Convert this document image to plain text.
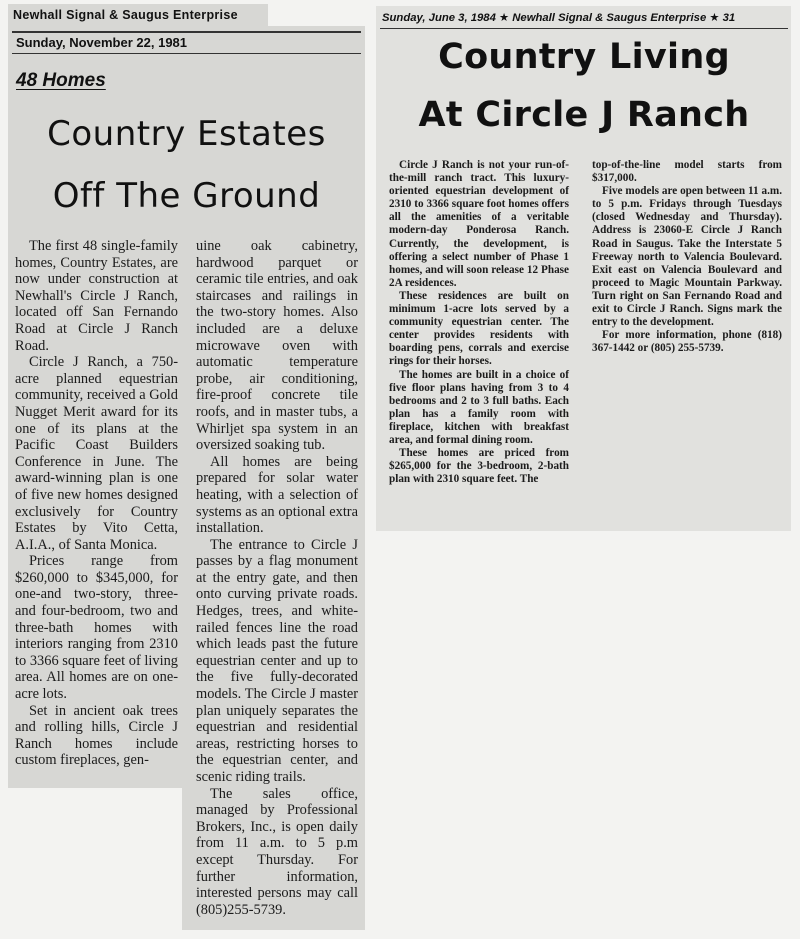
Newhall Signal & Saugus Enterprise
Sunday, November 22, 1981
48 Homes
Country Estates
Off The Ground

The first 48 single-family homes, Country Estates, are now under construction at Newhall's Circle J Ranch, located off San Fernando Road at Circle J Ranch Road.

Circle J Ranch, a 750-acre planned equestrian community, received a Gold Nugget Merit award for its one of its plans at the Pacific Coast Builders Conference in June. The award-winning plan is one of five new homes designed exclusively for Country Estates by Vito Cetta, A.I.A., of Santa Monica.

Prices range from $260,000 to $345,000, for one-and two-story, three- and four-bedroom, two and three-bath homes with interiors ranging from 2310 to 3366 square feet of living area. All homes are on one-acre lots.

Set in ancient oak trees and rolling hills, Circle J Ranch homes include custom fireplaces, gen-

uine oak cabinetry, hardwood parquet or ceramic tile entries, and oak staircases and railings in the two-story homes. Also included are a deluxe microwave oven with automatic temperature probe, air conditioning, fire-proof concrete tile roofs, and in master tubs, a Whirljet spa system in an oversized soaking tub.

All homes are being prepared for solar water heating, with a selection of systems as an optional extra installation.

The entrance to Circle J passes by a flag monument at the entry gate, and then onto curving private roads. Hedges, trees, and white-railed fences line the road which leads past the future equestrian center and up to the five fully-decorated models. The Circle J master plan uniquely separates the equestrian and residential areas, restricting horses to the equestrian center, and scenic riding trails.

The sales office, managed by Professional Brokers, Inc., is open daily from 11 a.m. to 5 p.m except Thursday. For further information, interested persons may call (805)255-5739.

Sunday, June 3, 1984 ★ Newhall Signal & Saugus Enterprise ★ 31
Country Living
At Circle J Ranch

Circle J Ranch is not your run-of-the-mill ranch tract. This luxury-oriented equestrian development of 2310 to 3366 square foot homes offers all the amenities of a veritable modern-day Ponderosa Ranch. Currently, the development, is offering a select number of Phase 1 homes, and will soon release 12 Phase 2A residences.

These residences are built on minimum 1-acre lots served by a community equestrian center. The center provides residents with boarding pens, corrals and exercise rings for their horses.

The homes are built in a choice of five floor plans having from 3 to 4 bedrooms and 2 to 3 full baths. Each plan has a family room with fireplace, kitchen with breakfast area, and formal dining room.

These homes are priced from $265,000 for the 3-bedroom, 2-bath plan with 2310 square feet. The

top-of-the-line model starts from $317,000.

Five models are open between 11 a.m. to 5 p.m. Fridays through Tuesdays (closed Wednesday and Thursday). Address is 23060-E Circle J Ranch Road in Saugus. Take the Interstate 5 Freeway north to Valencia Boulevard. Exit east on Valencia Boulevard and proceed to Magic Mountain Parkway. Turn right on San Fernando Road and exit to Circle J Ranch. Signs mark the entry to the development.

For more information, phone (818) 367-1442 or (805) 255-5739.
